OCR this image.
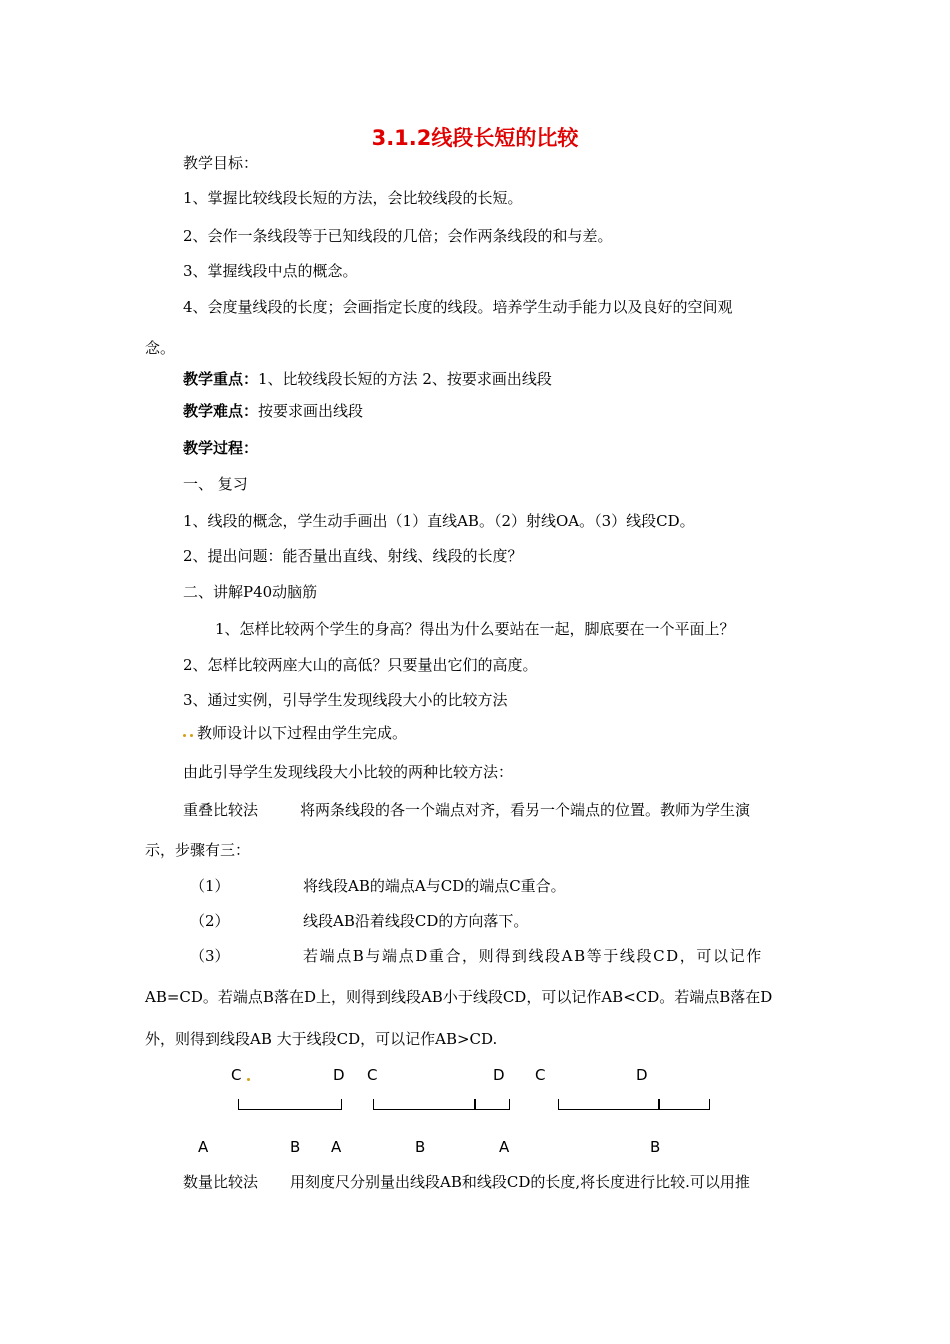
3.1.2线段长短的比较
教学目标：
1、掌握比较线段长短的方法，会比较线段的长短。
2、会作一条线段等于已知线段的几倍；会作两条线段的和与差。
3、掌握线段中点的概念。
4、会度量线段的长度；会画指定长度的线段。培养学生动手能力以及良好的空间观
念。
教学重点：1、比较线段长短的方法 2、按要求画出线段
教学难点：按要求画出线段
教学过程：
一、 复习
1、线段的概念，学生动手画出（1）直线AB。（2）射线OA。（3）线段CD。
2、提出问题：能否量出直线、射线、线段的长度？
二、讲解P40动脑筋
1、怎样比较两个学生的身高？得出为什么要站在一起，脚底要在一个平面上？
2、怎样比较两座大山的高低？只要量出它们的高度。
3、通过实例，引导学生发现线段大小的比较方法
教师设计以下过程由学生完成。
由此引导学生发现线段大小比较的两种比较方法：
重叠比较法	将两条线段的各一个端点对齐，看另一个端点的位置。教师为学生演
示，步骤有三：
（1）	将线段AB的端点A与CD的端点C重合。
（2）	线段AB沿着线段CD的方向落下。
（3）	若端点B与端点D重合，则得到线段AB等于线段CD，可以记作
AB=CD。若端点B落在D上，则得到线段AB小于线段CD，可以记作AB<CD。若端点B落在D
外，则得到线段AB 大于线段CD，可以记作AB>CD.
C	D C	D C	D
A	B A	B	A	B
数量比较法 用刻度尺分别量出线段AB和线段CD的长度,将长度进行比较.可以用推
